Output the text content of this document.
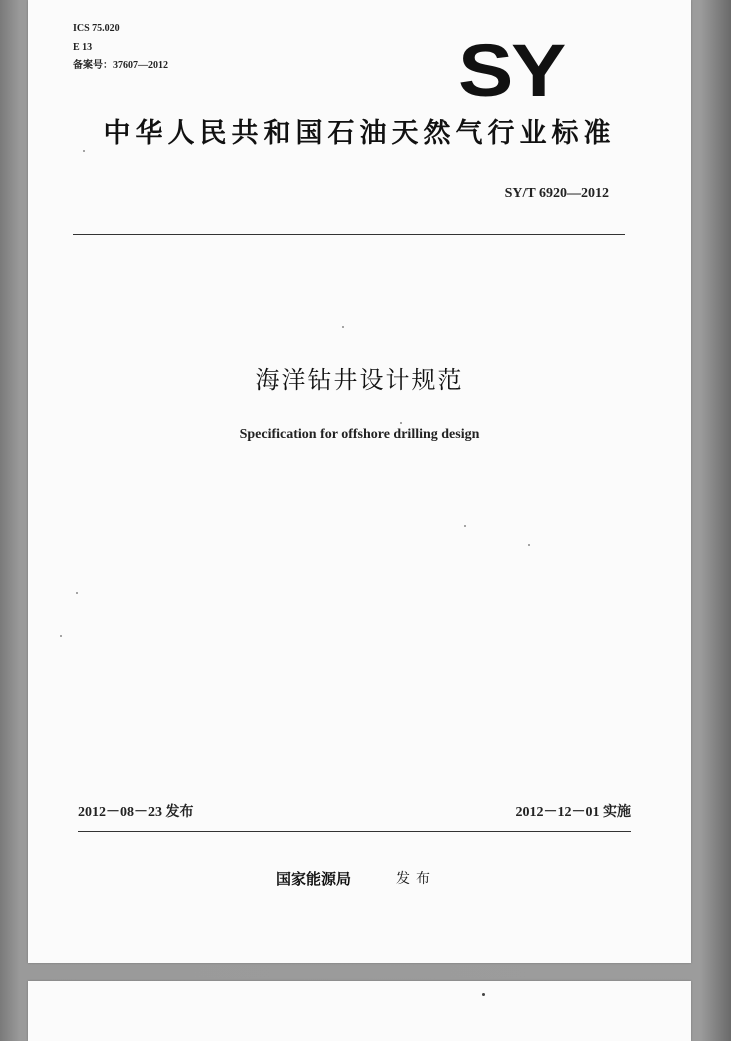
ICS 75.020
E 13
备案号：37607—2012	SY
中华人民共和国石油天然气行业标准
SY/T 6920—2012
海洋钻井设计规范
Specification for offshore drilling design
2012－08－23 发布	2012－12－01 实施
国家能源局	发布
